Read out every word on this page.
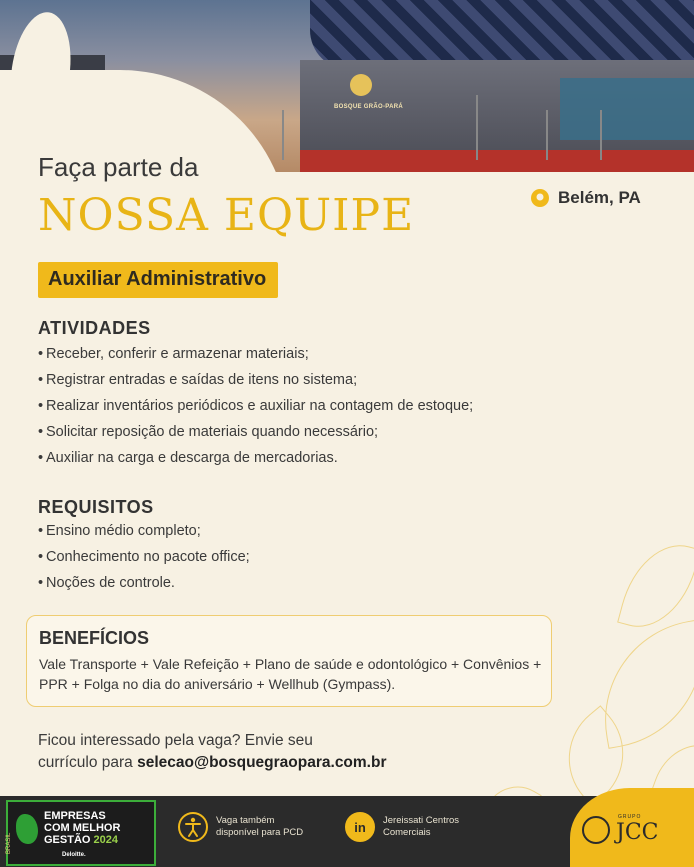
BOSQUE GRÃO-PARÁ
Faça parte da
NOSSA EQUIPE	Belém, PA
Auxiliar Administrativo
ATIVIDADES
• Receber, conferir e armazenar materiais;
• Registrar entradas e saídas de itens no sistema;
• Realizar inventários periódicos e auxiliar na contagem de estoque;
• Solicitar reposição de materiais quando necessário;
• Auxiliar na carga e descarga de mercadorias.
REQUISITOS
• Ensino médio completo;
• Conhecimento no pacote office;
• Noções de controle.
BENEFÍCIOS
Vale Transporte + Vale Refeição + Plano de saúde e odontológico + Convênios + PPR + Folga no dia do aniversário + Wellhub (Gympass).
Ficou interessado pela vaga? Envie seu
currículo para selecao@bosquegraopara.com.br
BRASIL
EMPRESAS
COM MELHOR
GESTÃO 2024
Deloitte.
Vaga também
disponível para PCD	in Jereissati Centros
Comerciais
GRUPO
JCC
